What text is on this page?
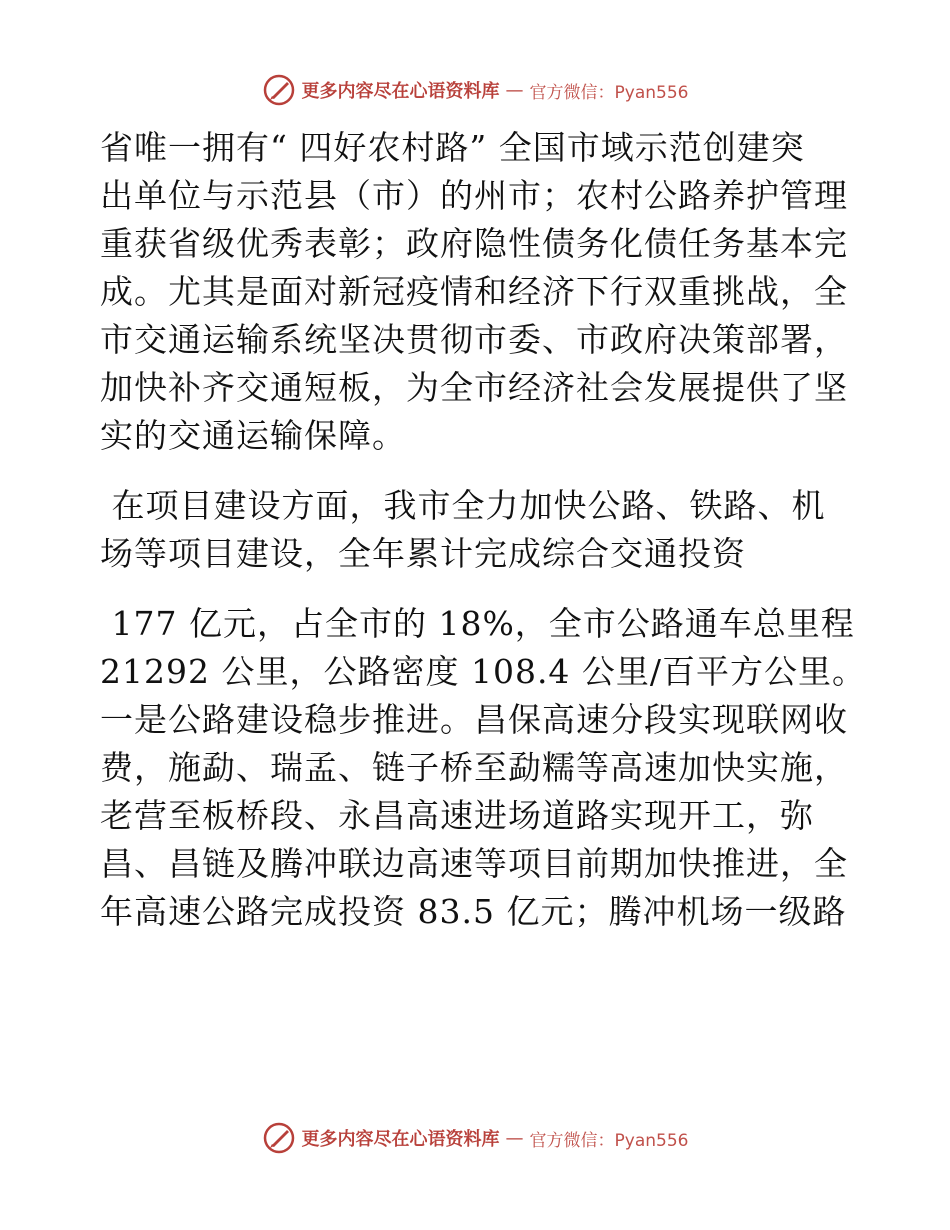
更多内容尽在心语资料库 — 官方微信：Pyan556
省唯一拥有“ 四好农村路” 全国市域示范创建突
出单位与示范县（市）的州市；农村公路养护管理
重获省级优秀表彰；政府隐性债务化债任务基本完
成。尤其是面对新冠疫情和经济下行双重挑战，全
市交通运输系统坚决贯彻市委、市政府决策部署，
加快补齐交通短板，为全市经济社会发展提供了坚
实的交通运输保障。
在项目建设方面，我市全力加快公路、铁路、机
场等项目建设，全年累计完成综合交通投资
177 亿元，占全市的 18%，全市公路通车总里程
21292 公里，公路密度 108.4 公里/百平方公里。
一是公路建设稳步推进。昌保高速分段实现联网收
费，施勐、瑞孟、链子桥至勐糯等高速加快实施，
老营至板桥段、永昌高速进场道路实现开工，弥
昌、昌链及腾冲联边高速等项目前期加快推进，全
年高速公路完成投资 83.5 亿元；腾冲机场一级路
更多内容尽在心语资料库 — 官方微信：Pyan556
